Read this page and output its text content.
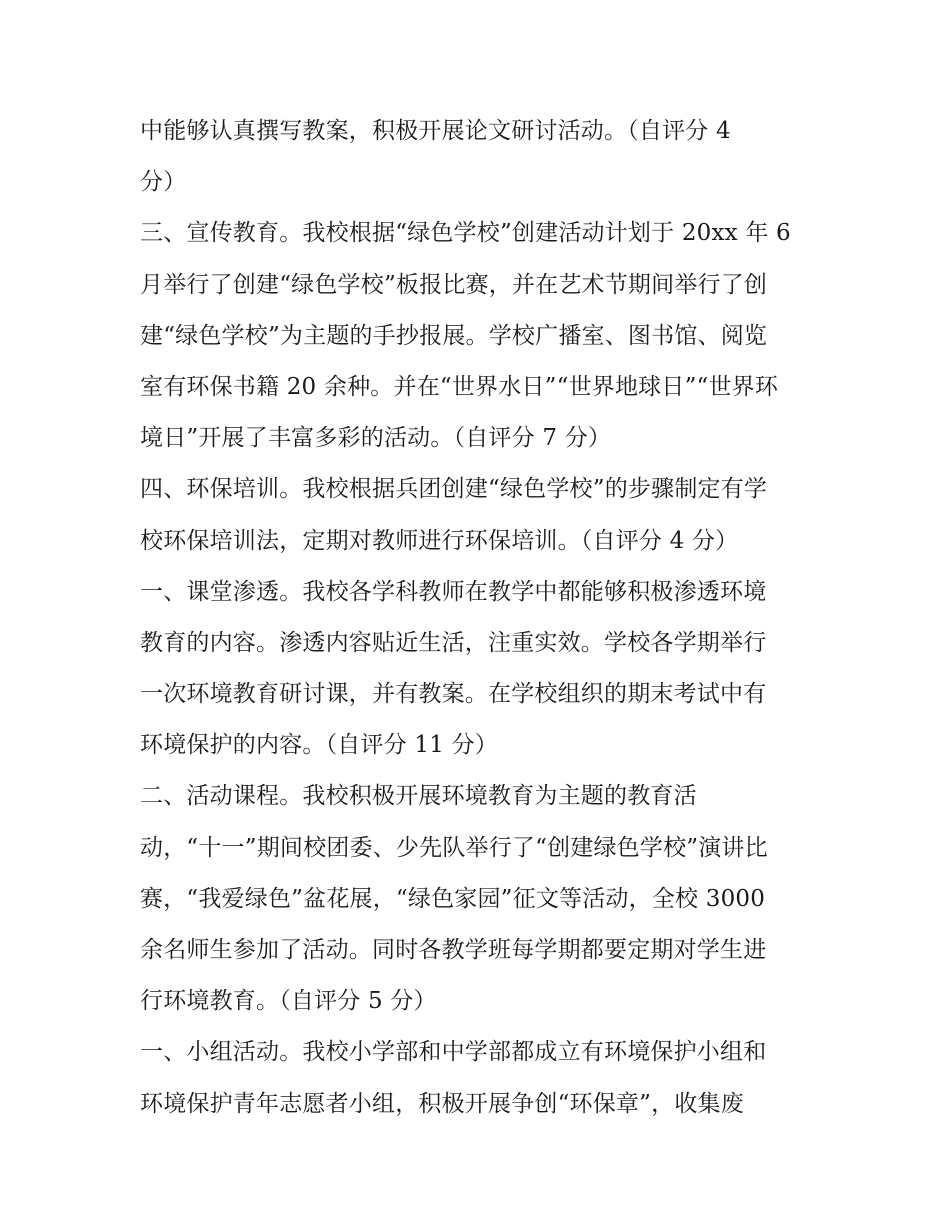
中能够认真撰写教案，积极开展论文研讨活动。（自评分 4
分）
三、宣传教育。我校根据“绿色学校”创建活动计划于 20xx 年 6
月举行了创建“绿色学校”板报比赛，并在艺术节期间举行了创
建“绿色学校”为主题的手抄报展。学校广播室、图书馆、阅览
室有环保书籍 20 余种。并在“世界水日”“世界地球日”“世界环
境日”开展了丰富多彩的活动。（自评分 7 分）
四、环保培训。我校根据兵团创建“绿色学校”的步骤制定有学
校环保培训法，定期对教师进行环保培训。（自评分 4 分）
一、课堂渗透。我校各学科教师在教学中都能够积极渗透环境
教育的内容。渗透内容贴近生活，注重实效。学校各学期举行
一次环境教育研讨课，并有教案。在学校组织的期末考试中有
环境保护的内容。（自评分 11 分）
二、活动课程。我校积极开展环境教育为主题的教育活
动，“十一”期间校团委、少先队举行了“创建绿色学校”演讲比
赛，“我爱绿色”盆花展，“绿色家园”征文等活动，全校 3000
余名师生参加了活动。同时各教学班每学期都要定期对学生进
行环境教育。（自评分 5 分）
一、小组活动。我校小学部和中学部都成立有环境保护小组和
环境保护青年志愿者小组，积极开展争创“环保章”，收集废
